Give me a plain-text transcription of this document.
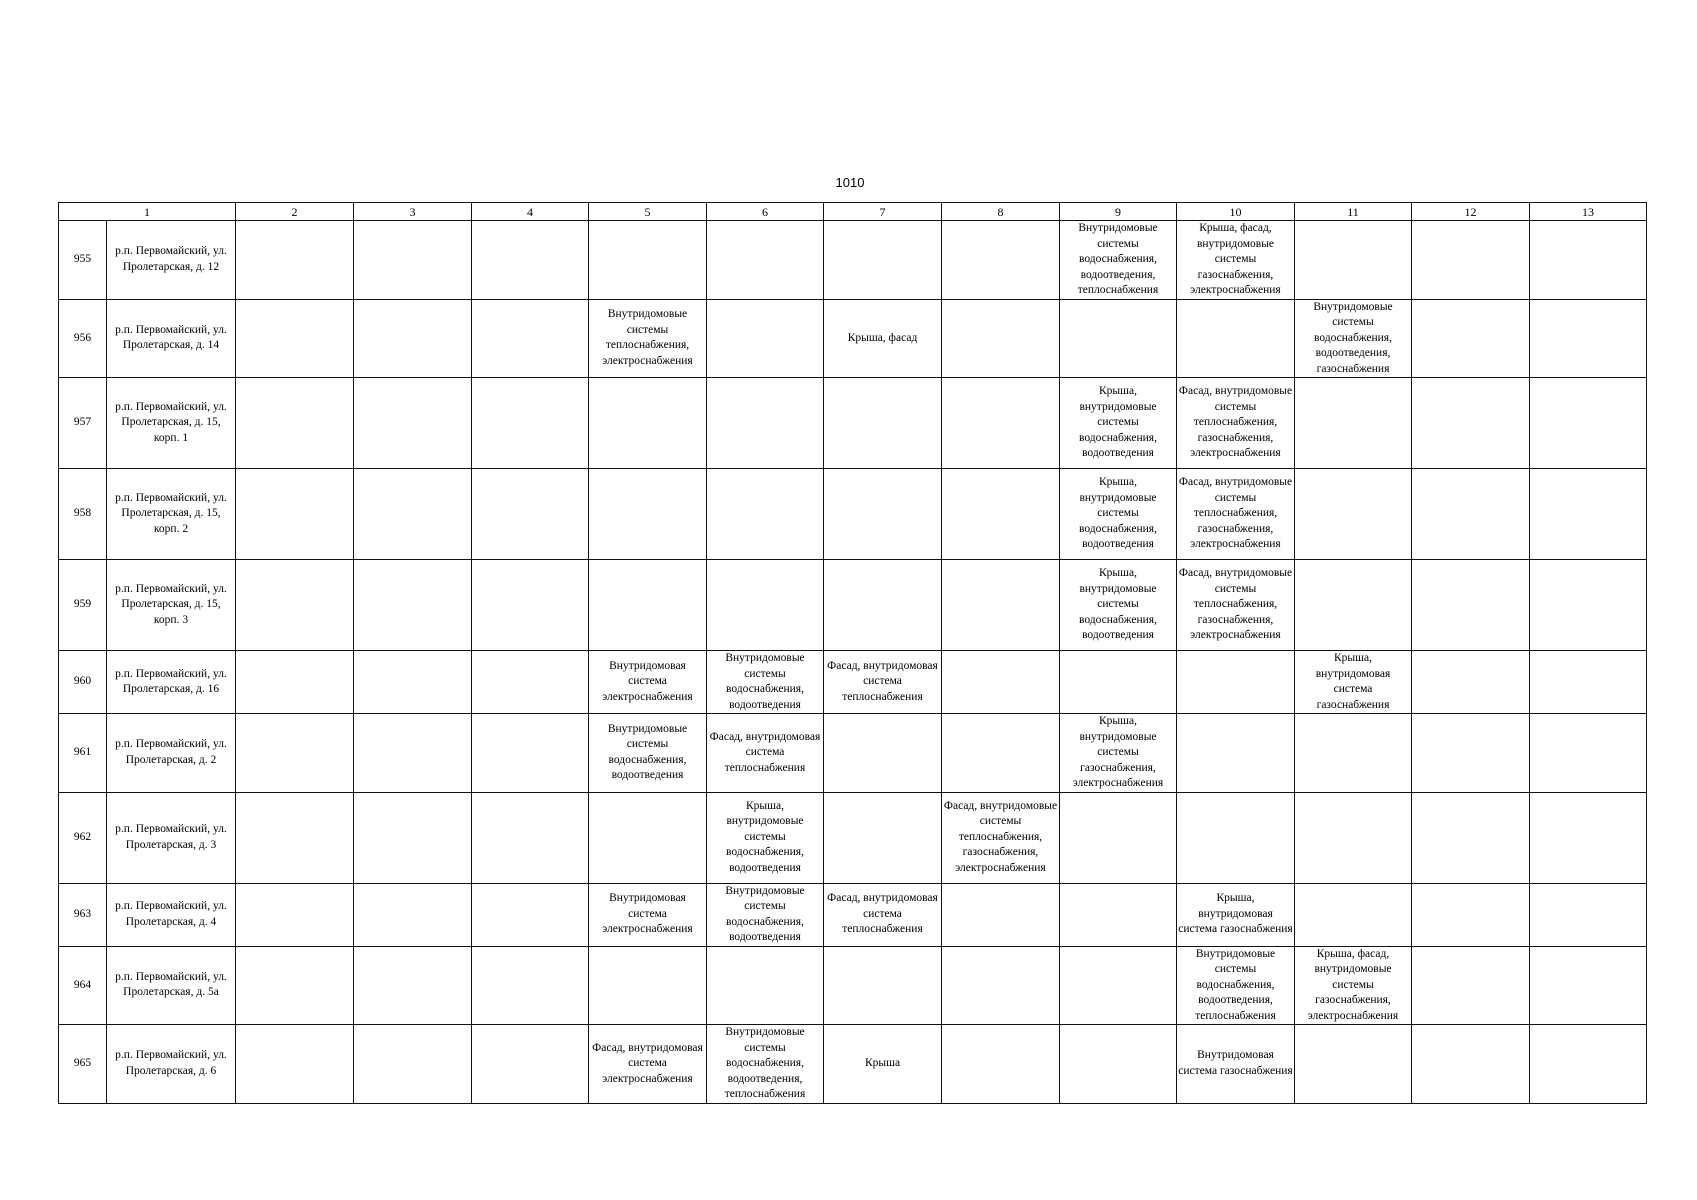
1010
1		2	3	4	5	6	7	8	9	10	11	12	13
955	р.п. Первомайский, ул. Пролетарская, д. 12								Внутридомовые системы водоснабжения, водоотведения, теплоснабжения	Крыша, фасад, внутридомовые системы газоснабжения, электроснабжения			
956	р.п. Первомайский, ул. Пролетарская, д. 14				Внутридомовые системы теплоснабжения, электроснабжения		Крыша, фасад				Внутридомовые системы водоснабжения, водоотведения, газоснабжения		
957	р.п. Первомайский, ул. Пролетарская, д. 15, корп. 1								Крыша, внутридомовые системы водоснабжения, водоотведения	Фасад, внутридомовые системы теплоснабжения, газоснабжения, электроснабжения			
958	р.п. Первомайский, ул. Пролетарская, д. 15, корп. 2								Крыша, внутридомовые системы водоснабжения, водоотведения	Фасад, внутридомовые системы теплоснабжения, газоснабжения, электроснабжения			
959	р.п. Первомайский, ул. Пролетарская, д. 15, корп. 3								Крыша, внутридомовые системы водоснабжения, водоотведения	Фасад, внутридомовые системы теплоснабжения, газоснабжения, электроснабжения			
960	р.п. Первомайский, ул. Пролетарская, д. 16				Внутридомовая система электроснабжения	Внутридомовые системы водоснабжения, водоотведения	Фасад, внутридомовая система теплоснабжения				Крыша, внутридомовая система газоснабжения		
961	р.п. Первомайский, ул. Пролетарская, д. 2				Внутридомовые системы водоснабжения, водоотведения	Фасад, внутридомовая система теплоснабжения			Крыша, внутридомовые системы газоснабжения, электроснабжения				
962	р.п. Первомайский, ул. Пролетарская, д. 3					Крыша, внутридомовые системы водоснабжения, водоотведения		Фасад, внутридомовые системы теплоснабжения, газоснабжения, электроснабжения					
963	р.п. Первомайский, ул. Пролетарская, д. 4				Внутридомовая система электроснабжения	Внутридомовые системы водоснабжения, водоотведения	Фасад, внутридомовая система теплоснабжения			Крыша, внутридомовая система газоснабжения			
964	р.п. Первомайский, ул. Пролетарская, д. 5а									Внутридомовые системы водоснабжения, водоотведения, теплоснабжения	Крыша, фасад, внутридомовые системы газоснабжения, электроснабжения		
965	р.п. Первомайский, ул. Пролетарская, д. 6				Фасад, внутридомовая система электроснабжения	Внутридомовые системы водоснабжения, водоотведения, теплоснабжения	Крыша			Внутридомовая система газоснабжения			
